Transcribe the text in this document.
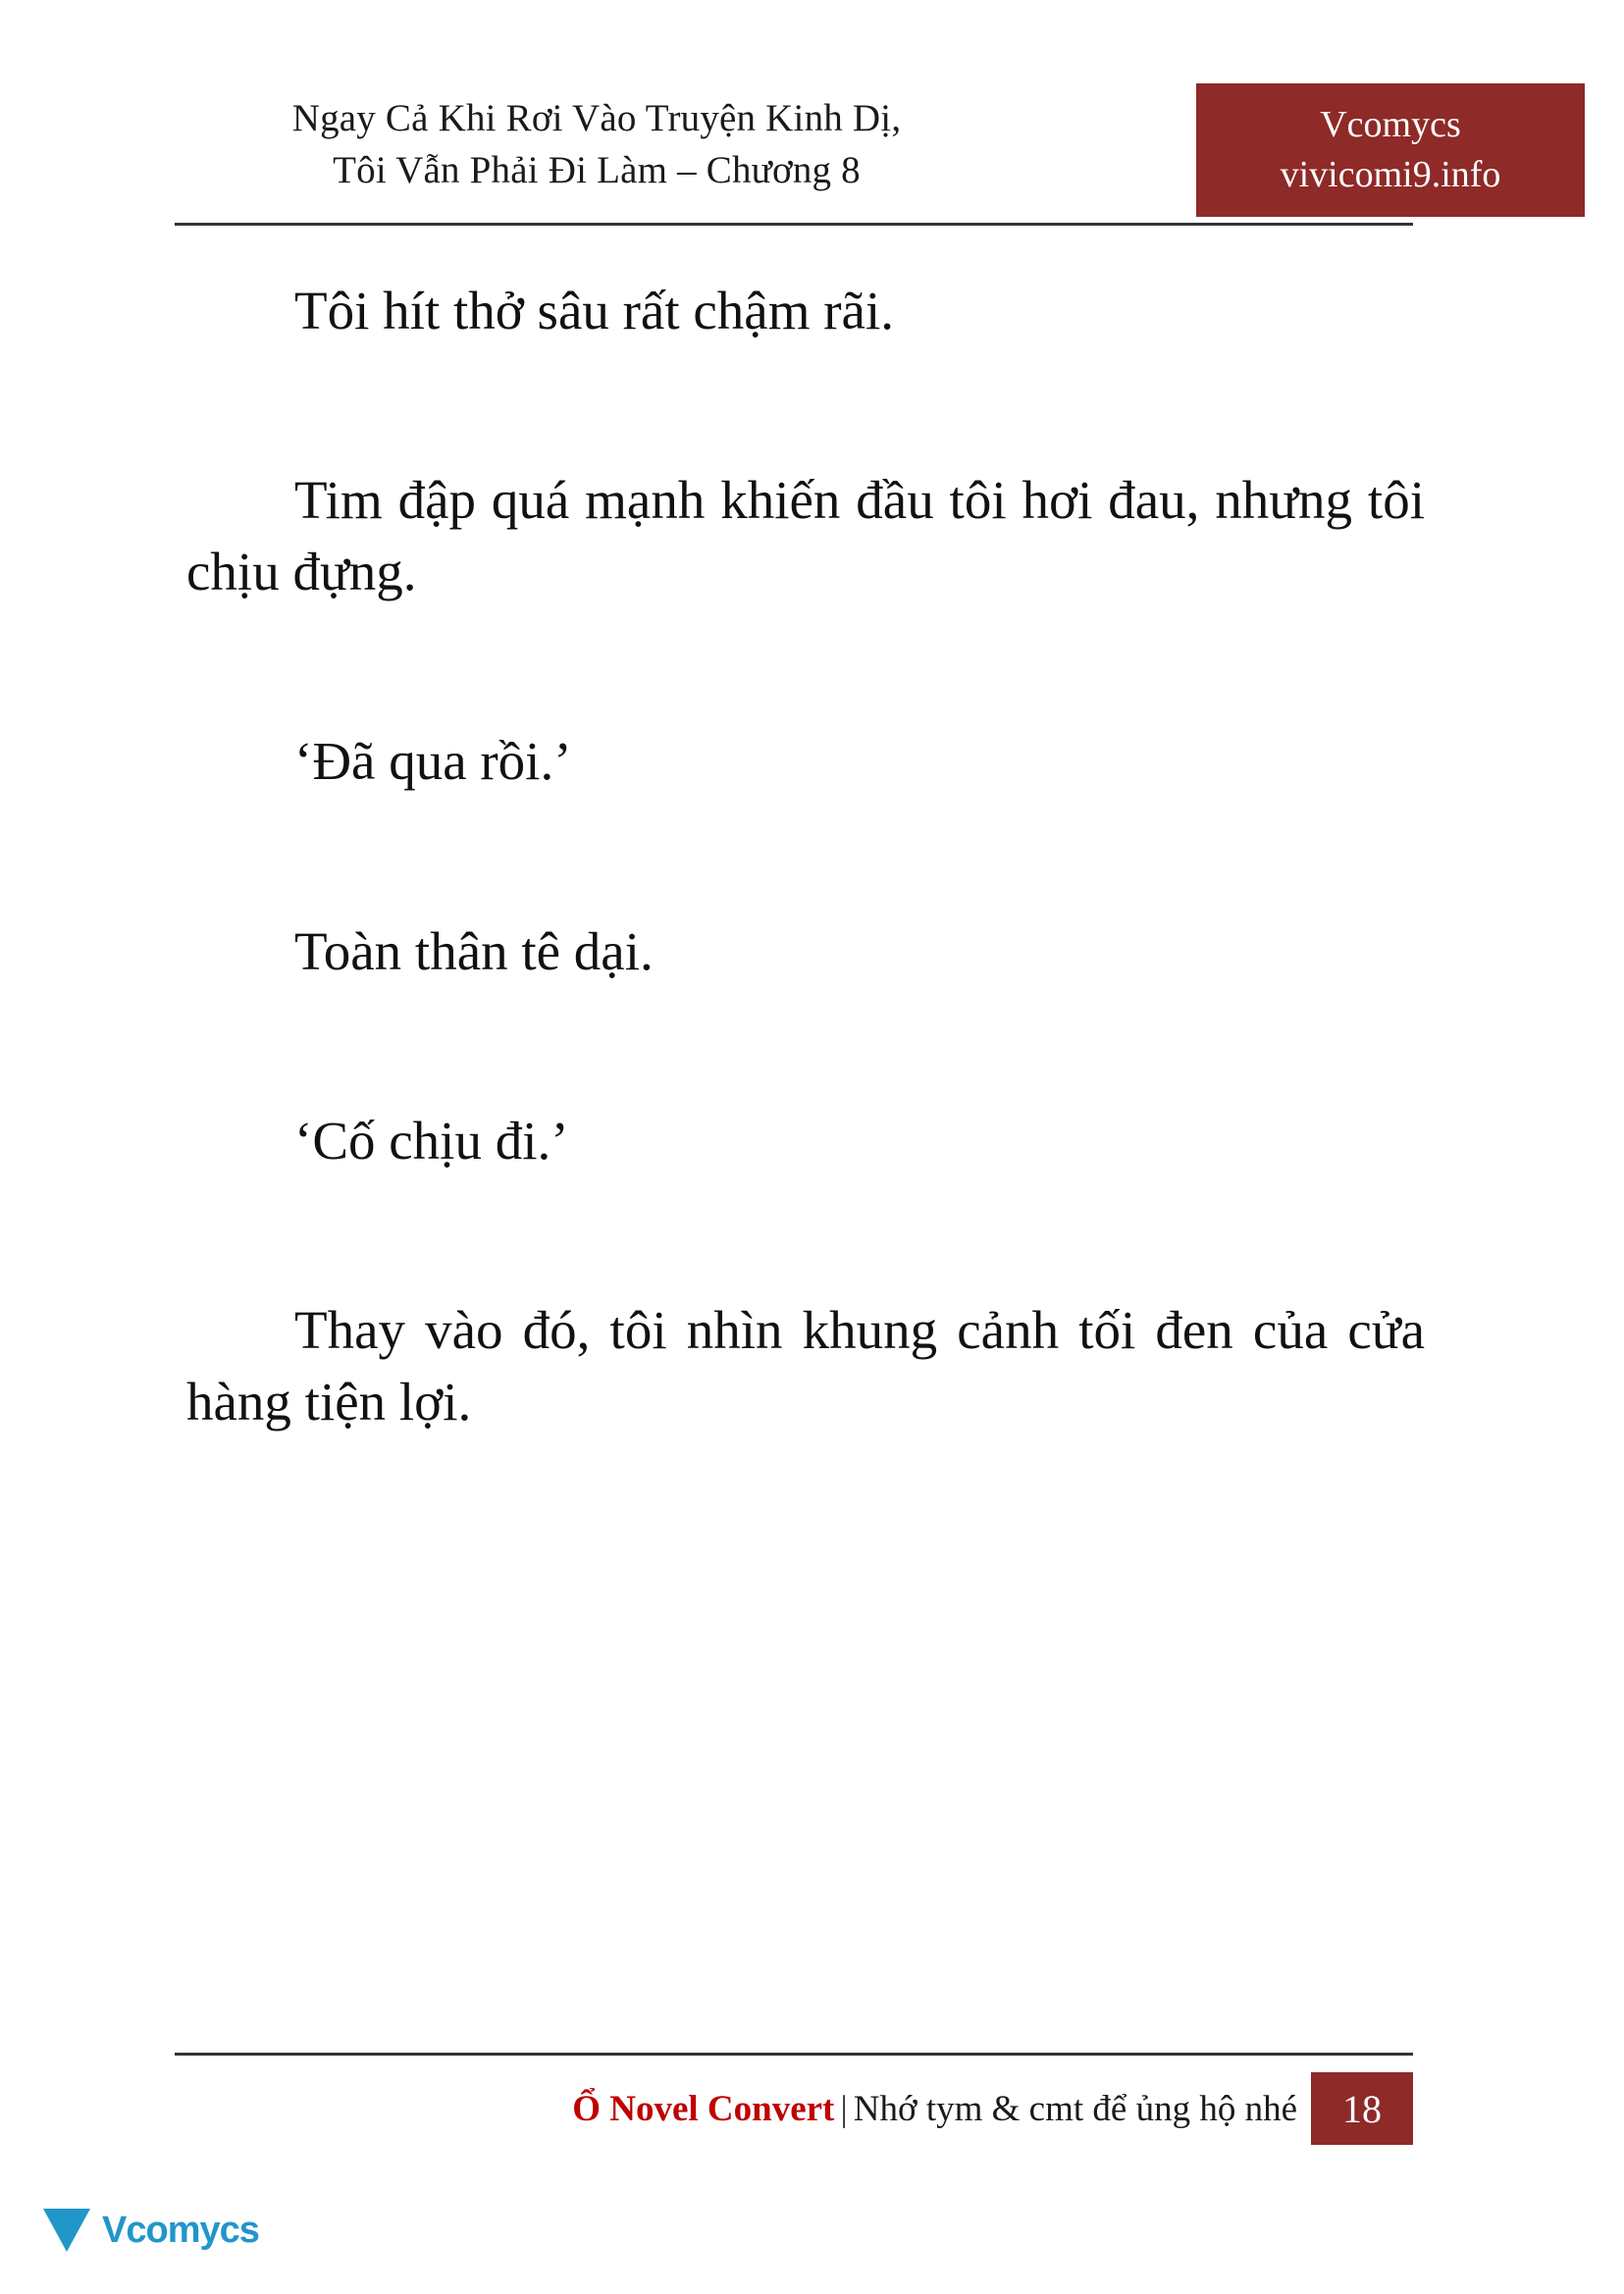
Ngay Cả Khi Rơi Vào Truyện Kinh Dị,
Tôi Vẫn Phải Đi Làm – Chương 8
Vcomycs
vivicomi9.info

Tôi hít thở sâu rất chậm rãi.

Tim đập quá mạnh khiến đầu tôi hơi đau, nhưng tôi chịu đựng.

‘Đã qua rồi.’

Toàn thân tê dại.

‘Cố chịu đi.’

Thay vào đó, tôi nhìn khung cảnh tối đen của cửa hàng tiện lợi.

Ổ Novel Convert | Nhớ tym & cmt để ủng hộ nhé	18
Vcomycs
